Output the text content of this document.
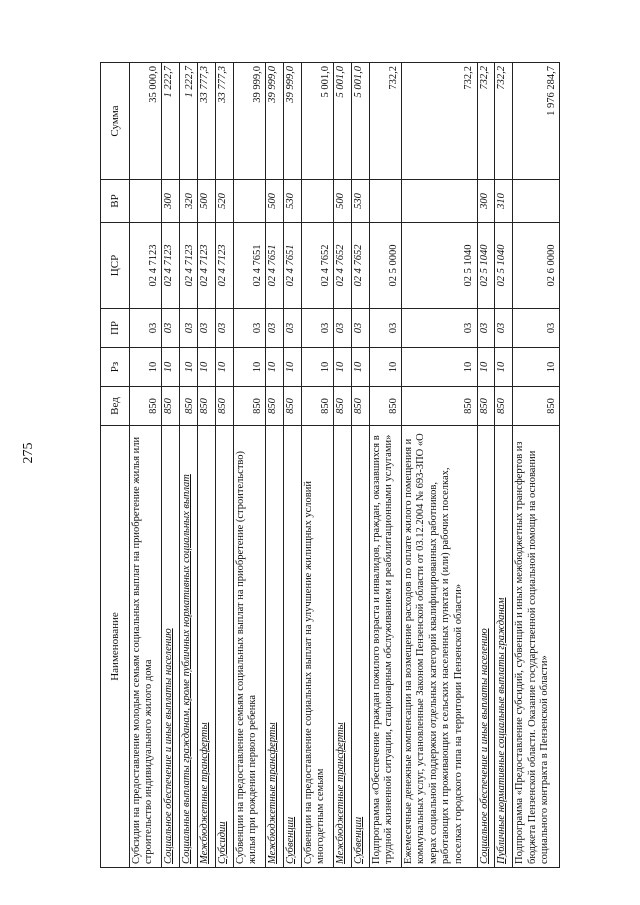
275
Наименование	Вед	Рз	ПР	ЦСР	ВР	Сумма
Субсидии на предоставление молодым семьям социальных выплат на приобретение жилья или строительство индивидуального жилого дома	850	10	03	02 4 7123		35 000,0
Социальное обеспечение и иные выплаты населению	850	10	03	02 4 7123	300	1 222,7
Социальные выплаты гражданам, кроме публичных нормативных социальных выплат	850	10	03	02 4 7123	320	1 222,7
Межбюджетные трансферты	850	10	03	02 4 7123	500	33 777,3
Субсидии	850	10	03	02 4 7123	520	33 777,3
Субвенции на предоставление семьям социальных выплат на приобретение (строительство) жилья при рождении первого ребенка	850	10	03	02 4 7651		39 999,0
Межбюджетные трансферты	850	10	03	02 4 7651	500	39 999,0
Субвенции	850	10	03	02 4 7651	530	39 999,0
Субвенции на предоставление социальных выплат на улучшение жилищных условий многодетным семьям	850	10	03	02 4 7652		5 001,0
Межбюджетные трансферты	850	10	03	02 4 7652	500	5 001,0
Субвенции	850	10	03	02 4 7652	530	5 001,0
Подпрограмма «Обеспечение граждан пожилого возраста и инвалидов, граждан, оказавшихся в трудной жизненной ситуации, стационарным обслуживанием и реабилитационными услугами»	850	10	03	02 5 0000		732,2
Ежемесячные денежные компенсации на возмещение расходов по оплате жилого помещения и коммунальных услуг, установленные Законом Пензенской области от 03.12.2004 № 693-ЗПО «О мерах социальной поддержки отдельных категорий квалифицированных работников, работающих и проживающих в сельских населенных пунктах и (или) рабочих поселках, поселках городского типа на территории Пензенской области»	850	10	03	02 5 1040		732,2
Социальное обеспечение и иные выплаты населению	850	10	03	02 5 1040	300	732,2
Публичные нормативные социальные выплаты гражданам	850	10	03	02 5 1040	310	732,2
Подпрограмма «Предоставление субсидий, субвенций и иных межбюджетных трансфертов из бюджета Пензенской области. Оказание государственной социальной помощи на основании социального контракта в Пензенской области»	850	10	03	02 6 0000		1 976 284,7
